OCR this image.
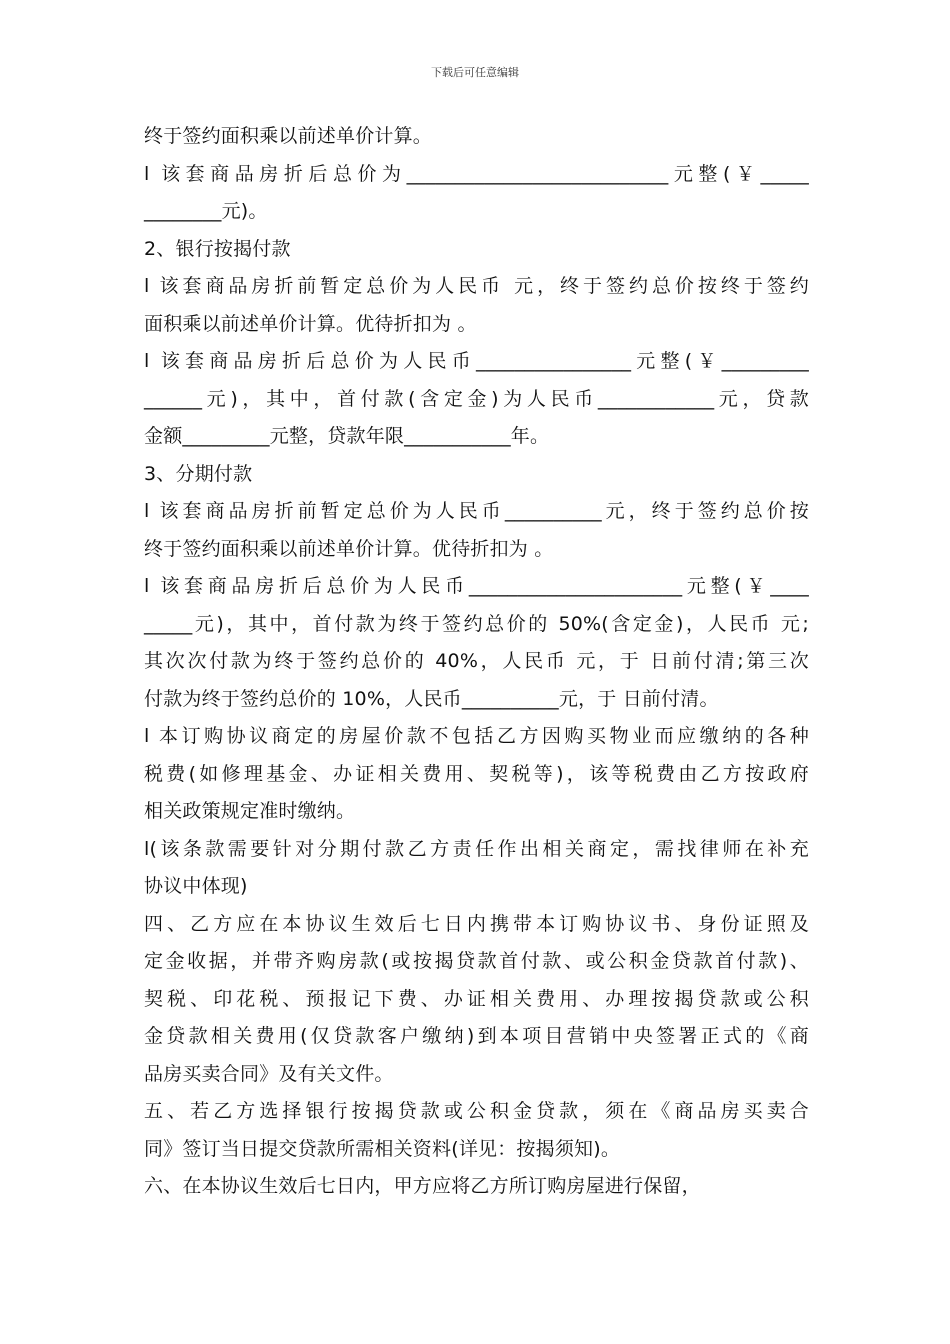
下载后可任意编辑
终于签约面积乘以前述单价计算。
l 该套商品房折后总价为___________________________元整(￥_____
________元)。
2、银行按揭付款
l 该套商品房折前暂定总价为人民币 元，终于签约总价按终于签约
面积乘以前述单价计算。优待折扣为 。
l 该套商品房折后总价为人民币________________元整(￥_________
______元)，其中，首付款(含定金)为人民币____________元，贷款
金额_________元整，贷款年限___________年。
3、分期付款
l 该套商品房折前暂定总价为人民币__________元，终于签约总价按
终于签约面积乘以前述单价计算。优待折扣为 。
l 该套商品房折后总价为人民币______________________元整(￥____
_____元)，其中，首付款为终于签约总价的 50%(含定金)，人民币 元;
其次次付款为终于签约总价的 40%，人民币 元，于 日前付清;第三次
付款为终于签约总价的 10%，人民币__________元，于 日前付清。
l 本订购协议商定的房屋价款不包括乙方因购买物业而应缴纳的各种
税费(如修理基金、办证相关费用、契税等)，该等税费由乙方按政府
相关政策规定准时缴纳。
l(该条款需要针对分期付款乙方责任作出相关商定，需找律师在补充
协议中体现)
四、乙方应在本协议生效后七日内携带本订购协议书、身份证照及
定金收据，并带齐购房款(或按揭贷款首付款、或公积金贷款首付款)、
契税、印花税、预报记下费、办证相关费用、办理按揭贷款或公积
金贷款相关费用(仅贷款客户缴纳)到本项目营销中央签署正式的《商
品房买卖合同》及有关文件。
五、若乙方选择银行按揭贷款或公积金贷款，须在《商品房买卖合
同》签订当日提交贷款所需相关资料(详见：按揭须知)。
六、在本协议生效后七日内，甲方应将乙方所订购房屋进行保留，
